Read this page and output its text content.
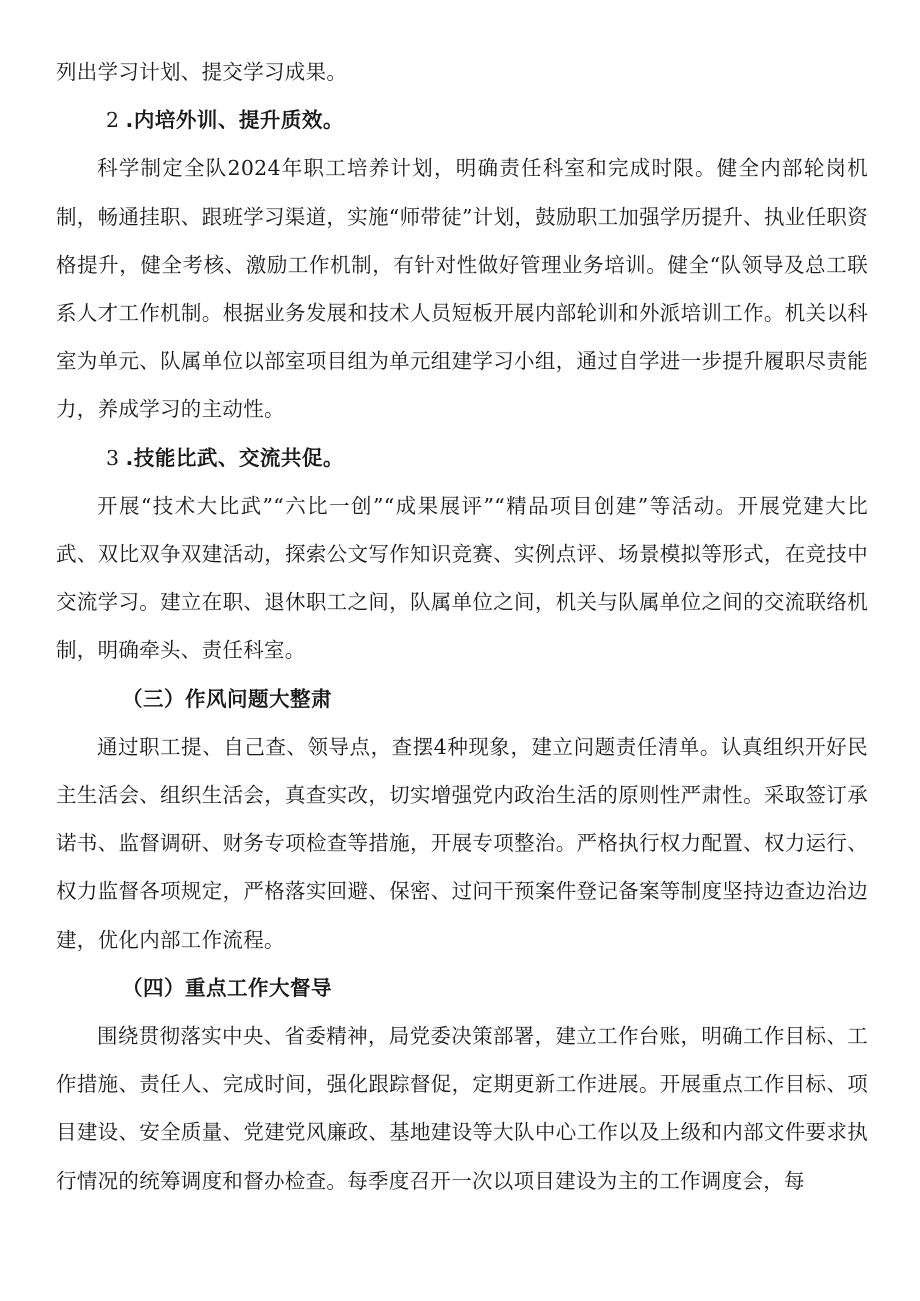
列出学习计划、提交学习成果。

2 .内培外训、提升质效。

科学制定全队2024年职工培养计划，明确责任科室和完成时限。健全内部轮岗机制，畅通挂职、跟班学习渠道，实施“师带徒”计划，鼓励职工加强学历提升、执业任职资格提升，健全考核、激励工作机制，有针对性做好管理业务培训。健全“队领导及总工联系人才工作机制。根据业务发展和技术人员短板开展内部轮训和外派培训工作。机关以科室为单元、队属单位以部室项目组为单元组建学习小组，通过自学进一步提升履职尽责能力，养成学习的主动性。

3 .技能比武、交流共促。

开展“技术大比武”“六比一创”“成果展评”“精品项目创建”等活动。开展党建大比武、双比双争双建活动，探索公文写作知识竞赛、实例点评、场景模拟等形式，在竞技中交流学习。建立在职、退休职工之间，队属单位之间，机关与队属单位之间的交流联络机制，明确牵头、责任科室。

（三）作风问题大整肃

通过职工提、自己查、领导点，查摆4种现象，建立问题责任清单。认真组织开好民主生活会、组织生活会，真查实改，切实增强党内政治生活的原则性严肃性。采取签订承诺书、监督调研、财务专项检查等措施，开展专项整治。严格执行权力配置、权力运行、权力监督各项规定，严格落实回避、保密、过问干预案件登记备案等制度坚持边查边治边建，优化内部工作流程。

（四）重点工作大督导

围绕贯彻落实中央、省委精神，局党委决策部署，建立工作台账，明确工作目标、工作措施、责任人、完成时间，强化跟踪督促，定期更新工作进展。开展重点工作目标、项目建设、安全质量、党建党风廉政、基地建设等大队中心工作以及上级和内部文件要求执行情况的统筹调度和督办检查。每季度召开一次以项目建设为主的工作调度会，每
